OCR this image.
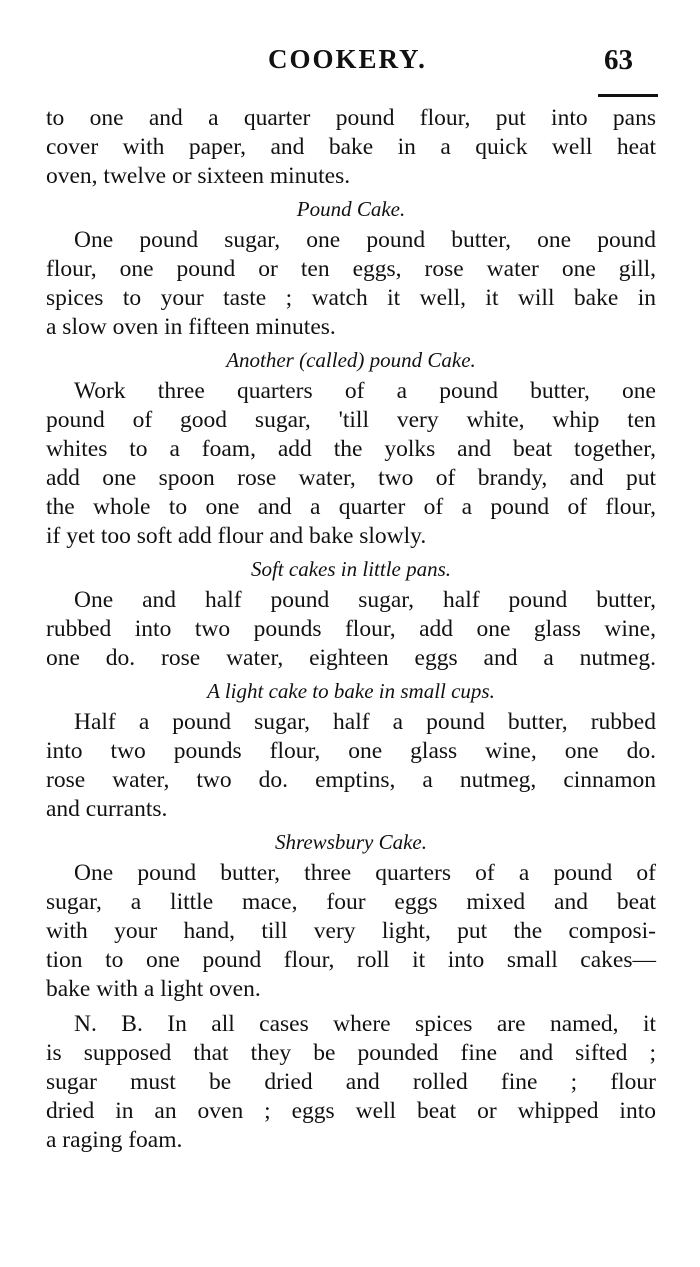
COOKERY.	63

to one and a quarter pound flour, put into pans
cover with paper, and bake in a quick well heat
oven, twelve or sixteen minutes.

Pound Cake.

One pound sugar, one pound butter, one pound
flour, one pound or ten eggs, rose water one gill,
spices to your taste ; watch it well, it will bake in
a slow oven in fifteen minutes.

Another (called) pound Cake.

Work three quarters of a pound butter, one
pound of good sugar, 'till very white, whip ten
whites to a foam, add the yolks and beat together,
add one spoon rose water, two of brandy, and put
the whole to one and a quarter of a pound of flour,
if yet too soft add flour and bake slowly.

Soft cakes in little pans.

One and half pound sugar, half pound butter,
rubbed into two pounds flour, add one glass wine,
one do. rose water, eighteen eggs and a nutmeg.

A light cake to bake in small cups.

Half a pound sugar, half a pound butter, rubbed
into two pounds flour, one glass wine, one do.
rose water, two do. emptins, a nutmeg, cinnamon
and currants.

Shrewsbury Cake.

One pound butter, three quarters of a pound of
sugar, a little mace, four eggs mixed and beat
with your hand, till very light, put the composi-
tion to one pound flour, roll it into small cakes—
bake with a light oven.

N. B. In all cases where spices are named, it
is supposed that they be pounded fine and sifted ;
sugar must be dried and rolled fine ; flour
dried in an oven ; eggs well beat or whipped into
a raging foam.
